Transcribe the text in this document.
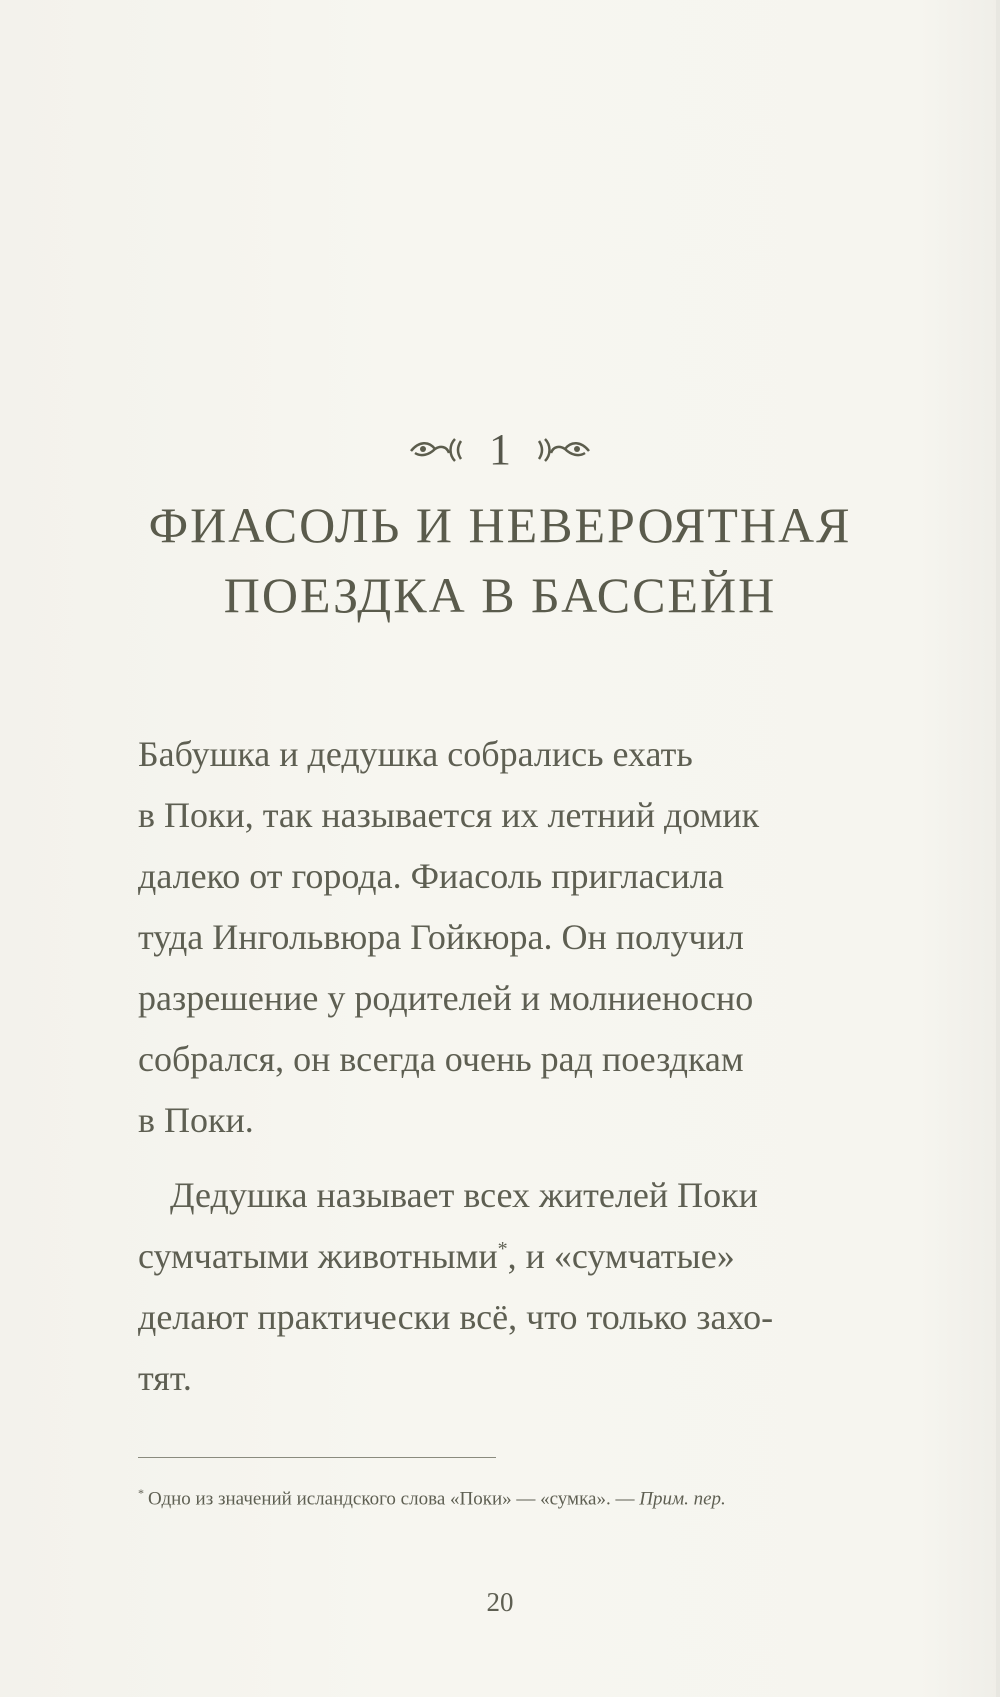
1
ФИАСОЛЬ И НЕВЕРОЯТНАЯ
ПОЕЗДКА В БАССЕЙН

Бабушка и дедушка собрались ехать
в Поки, так называется их летний домик
далеко от города. Фиасоль пригласила
туда Ингольвюра Гойкюра. Он получил
разрешение у родителей и молниеносно
собрался, он всегда очень рад поездкам
в Поки.

Дедушка называет всех жителей Поки
сумчатыми животными*, и «сумчатые»
делают практически всё, что только захо-
тят.

* Одно из значений исландского слова «Поки» — «сумка». — Прим. пер.
20
